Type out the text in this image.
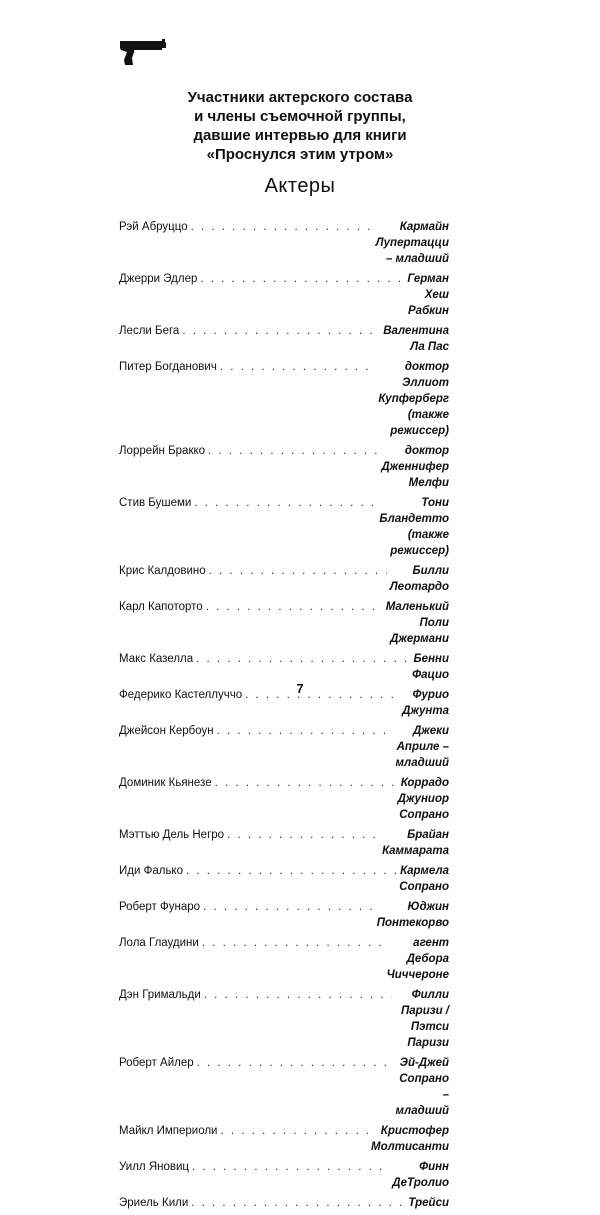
Участники актерского состава
и члены съемочной группы,
давшие интервью для книги
«Проснулся этим утром»
Актеры
Рэй Абруццо . . .	Кармайн Лупертацци – младший
Джерри Эдлер . . .	Герман Хеш Рабкин
Лесли Бега . . .	Валентина Ла Пас
Питер Богданович . . .	доктор Эллиот Купферберг (также режиссер)
Лоррейн Бракко . . .	доктор Дженнифер Мелфи
Стив Бушеми . . .	Тони Бландетто (также режиссер)
Крис Калдовино . . .	Билли Леотардо
Карл Капоторто . . .	Маленький Поли Джермани
Макс Казелла . . .	Бенни Фацио
Федерико Кастеллуччо . . .	Фурио Джунта
Джейсон Кербоун . . .	Джеки Априле – младший
Доминик Кьянезе . . .	Коррадо Джуниор Сопрано
Мэттью Дель Негро . . .	Брайан Каммарата
Иди Фалько . . .	Кармела Сопрано
Роберт Фунаро . . .	Юджин Понтекорво
Лола Глаудини . . .	агент Дебора Чиччероне
Дэн Гримальди . . .	Филли Паризи / Пэтси Паризи
Роберт Айлер . . .	Эй-Джей Сопрано – младший
Майкл Империоли . . .	Кристофер Молтисанти
Уилл Яновиц . . .	Финн ДеТролио
Эриель Кили . . .	Трейси
7
